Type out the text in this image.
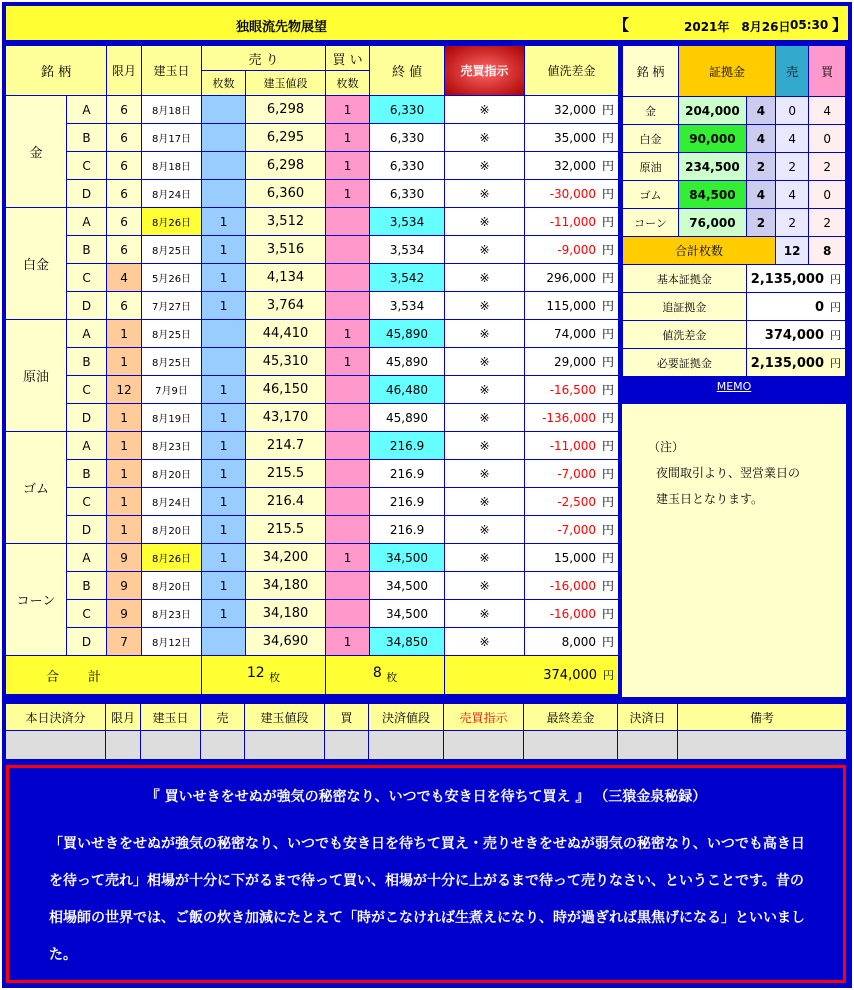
独眼流先物展望	【	2021年　8月26日 05:30 】
銘 柄		限月	建玉日	売 り		買 い	終 値	売買指示	値洗差金
				枚数	建玉値段	枚数			
金	A	6	8月18日		6,298	1	6,330	※	32,000 円
	B	6	8月17日		6,295	1	6,330	※	35,000 円
	C	6	8月18日		6,298	1	6,330	※	32,000 円
	D	6	8月24日		6,360	1	6,330	※	-30,000 円
白金	A	6	8月26日	1	3,512		3,534	※	-11,000 円
	B	6	8月25日	1	3,516		3,534	※	-9,000 円
	C	4	5月26日	1	4,134		3,542	※	296,000 円
	D	6	7月27日	1	3,764		3,534	※	115,000 円
原油	A	1	8月25日		44,410	1	45,890	※	74,000 円
	B	1	8月25日		45,310	1	45,890	※	29,000 円
	C	12	7月9日	1	46,150		46,480	※	-16,500 円
	D	1	8月19日	1	43,170		45,890	※	-136,000 円
ゴム	A	1	8月23日	1	214.7		216.9	※	-11,000 円
	B	1	8月20日	1	215.5		216.9	※	-7,000 円
	C	1	8月24日	1	216.4		216.9	※	-2,500 円
	D	1	8月20日	1	215.5		216.9	※	-7,000 円
コーン	A	9	8月26日	1	34,200	1	34,500	※	15,000 円
	B	9	8月20日	1	34,180		34,500	※	-16,000 円
	C	9	8月23日	1	34,180		34,500	※	-16,000 円
	D	7	8月12日		34,690	1	34,850	※	8,000 円
合　計				12 $_枚$		8 $_枚$		374,000 円	
銘 柄	証拠金		売	買
金	204,000	4	0	4
白金	90,000	4	4	0
原油	234,500	2	2	2
ゴム	84,500	4	4	0
コーン	76,000	2	2	2
合計枚数			12	8
基本証拠金		2,135,000 円		
追証拠金		0 円		
値洗差金		374,000 円		
必要証拠金		2,135,000 円		
MEMO
（注）
夜間取引より、翌営業日の
建玉日となります。
本日決済分	限月	建玉日	売	建玉値段	買	決済値段	売買指示	最終差金	決済日	備考

『 買いせきをせぬが強気の秘密なり、いつでも安き日を待ちて買え 』 （三猿金泉秘録）
「買いせきをせぬが強気の秘密なり、いつでも安き日を待ちて買え・売りせきをせぬが弱気の秘密なり、いつでも高き日を待って売れ」相場が十分に下がるまで待って買い、相場が十分に上がるまで待って売りなさい、ということです。昔の相場師の世界では、ご飯の炊き加減にたとえて「時がこなければ生煮えになり、時が過ぎれば黒焦げになる」といいました。
